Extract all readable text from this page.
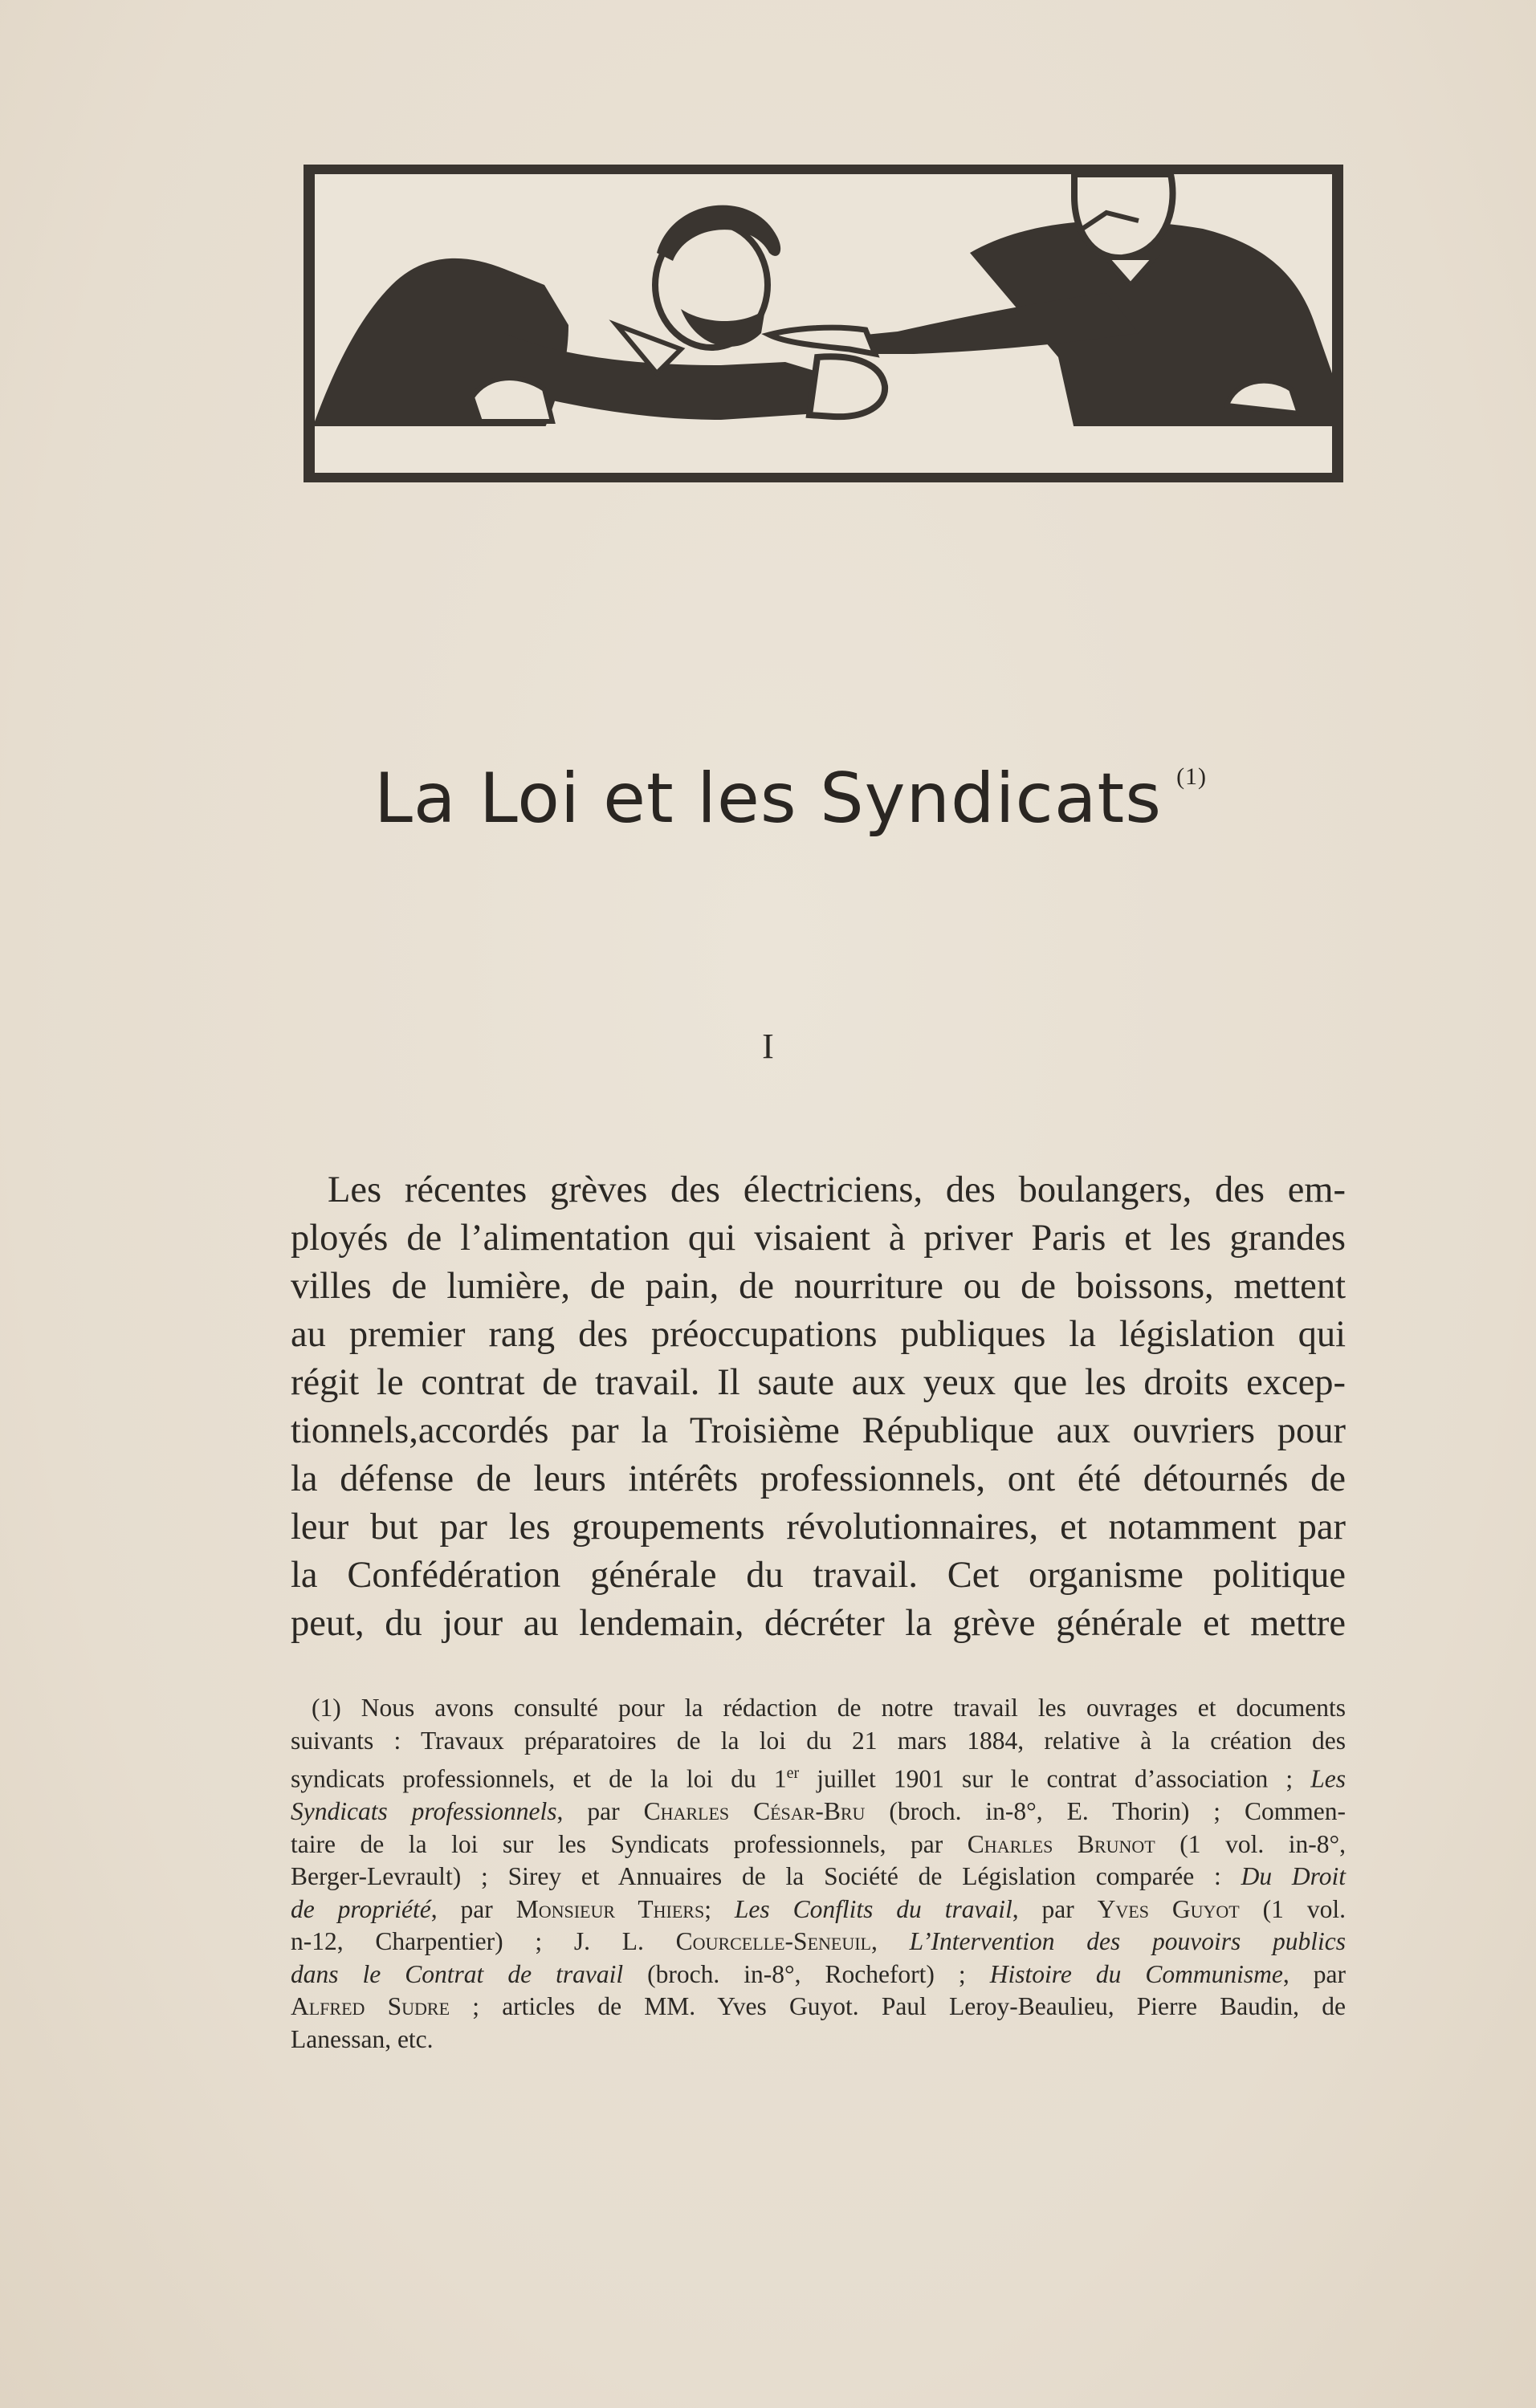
La Loi et les Syndicats (1)
I
Les récentes grèves des électriciens, des boulangers, des em-
ployés de l’alimentation qui visaient à priver Paris et les grandes
villes de lumière, de pain, de nourriture ou de boissons, mettent
au premier rang des préoccupations publiques la législation qui
régit le contrat de travail. Il saute aux yeux que les droits excep-
tionnels,accordés par la Troisième République aux ouvriers pour
la défense de leurs intérêts professionnels, ont été détournés de
leur but par les groupements révolutionnaires, et notamment par
la Confédération générale du travail. Cet organisme politique
peut, du jour au lendemain, décréter la grève générale et mettre
(1) Nous avons consulté pour la rédaction de notre travail les ouvrages et documents
suivants : Travaux préparatoires de la loi du 21 mars 1884, relative à la création des
syndicats professionnels, et de la loi du 1er juillet 1901 sur le contrat d’association ; Les
Syndicats professionnels, par Charles César-Bru (broch. in-8°, E. Thorin) ; Commen-
taire de la loi sur les Syndicats professionnels, par Charles Brunot (1 vol. in-8°,
Berger-Levrault) ; Sirey et Annuaires de la Société de Législation comparée : Du Droit
de propriété, par Monsieur Thiers; Les Conflits du travail, par Yves Guyot (1 vol.
n-12, Charpentier) ; J. L. Courcelle-Seneuil, L’Intervention des pouvoirs publics
dans le Contrat de travail (broch. in-8°, Rochefort) ; Histoire du Communisme, par
Alfred Sudre ; articles de MM. Yves Guyot. Paul Leroy-Beaulieu, Pierre Baudin, de
Lanessan, etc.
